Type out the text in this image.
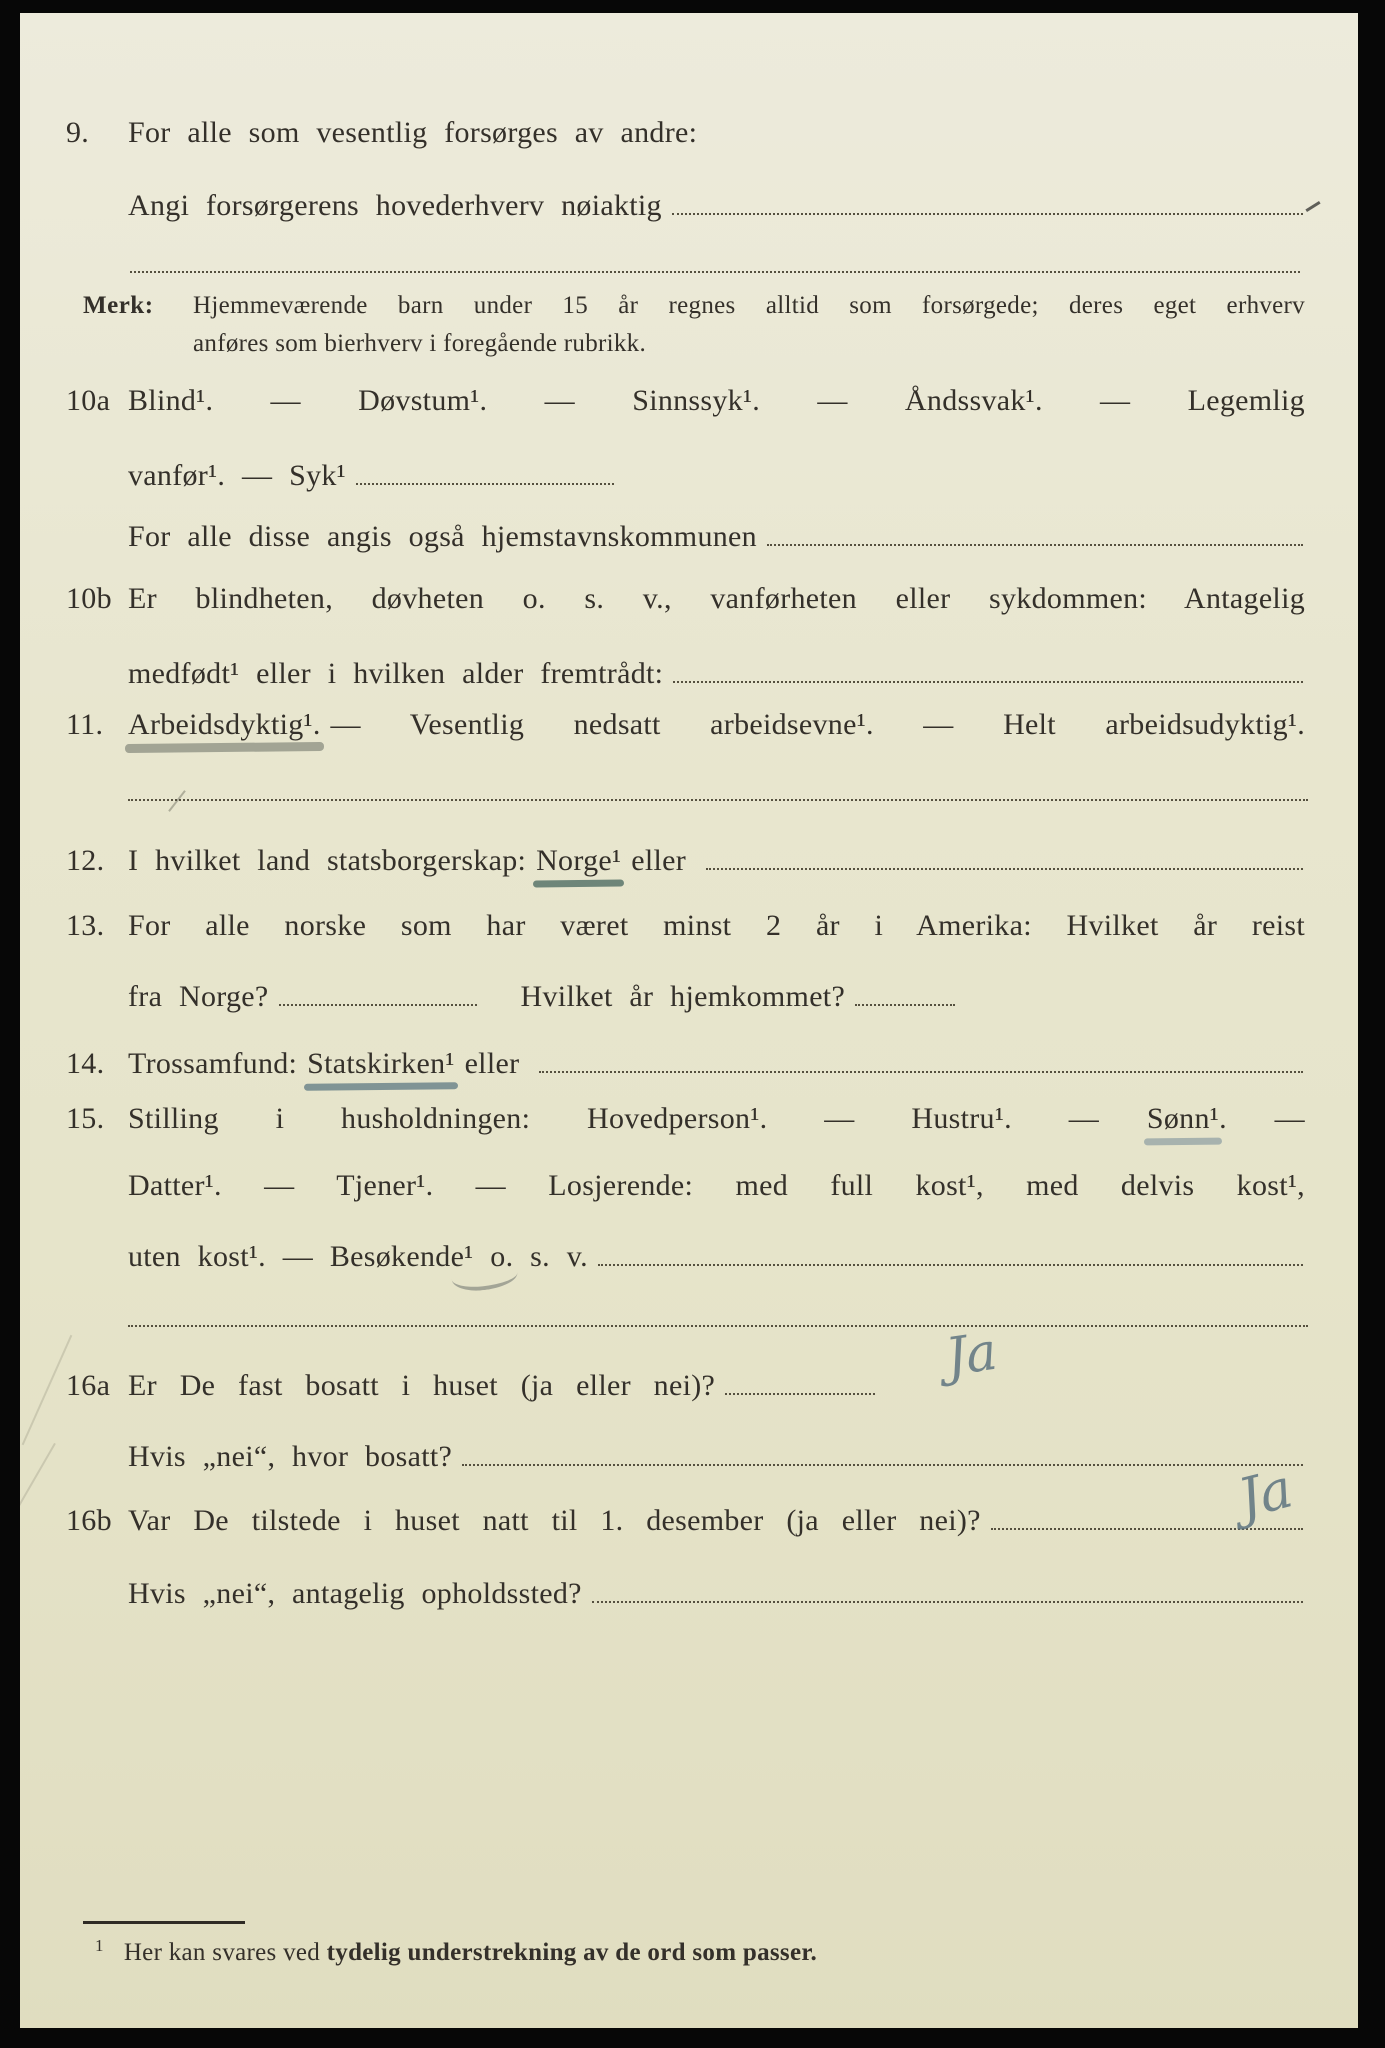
9.	For alle som vesentlig forsørges av andre:
Angi forsørgerens hovederhverv nøiaktig
Merk:	Hjemmeværende barn under 15 år regnes alltid som forsørgede; deres eget erhverv
anføres som bierhverv i foregående rubrikk.
10a Blind¹. — Døvstum¹. — Sinnssyk¹. — Åndssvak¹. — Legemlig
vanfør¹. — Syk¹
For alle disse angis også hjemstavnskommunen
10b Er blindheten, døvheten o. s. v., vanførheten eller sykdommen: Antagelig
medfødt¹ eller i hvilken alder fremtrådt:
11. Arbeidsdyktig¹. — Vesentlig nedsatt arbeidsevne¹. — Helt arbeidsudyktig¹.
12. I hvilket land statsborgerskap: Norge¹ eller
13. For alle norske som har været minst 2 år i Amerika: Hvilket år reist
fra Norge?	Hvilket år hjemkommet?
14. Trossamfund: Statskirken¹ eller
15. Stilling i husholdningen: Hovedperson¹. — Hustru¹. — Sønn¹. —
Datter¹. — Tjener¹. — Losjerende: med full kost¹, med delvis kost¹,
uten kost¹. — Besøkende¹ o. s. v.
16a Er De fast bosatt i huset (ja eller nei)?	Ja
Hvis „nei“, hvor bosatt?
16b Var De tilstede i huset natt til 1. desember (ja eller nei)?	Ja
Hvis „nei“, antagelig opholdssted?
$^1$ Her kan svares ved tydelig understrekning av de ord som passer.
